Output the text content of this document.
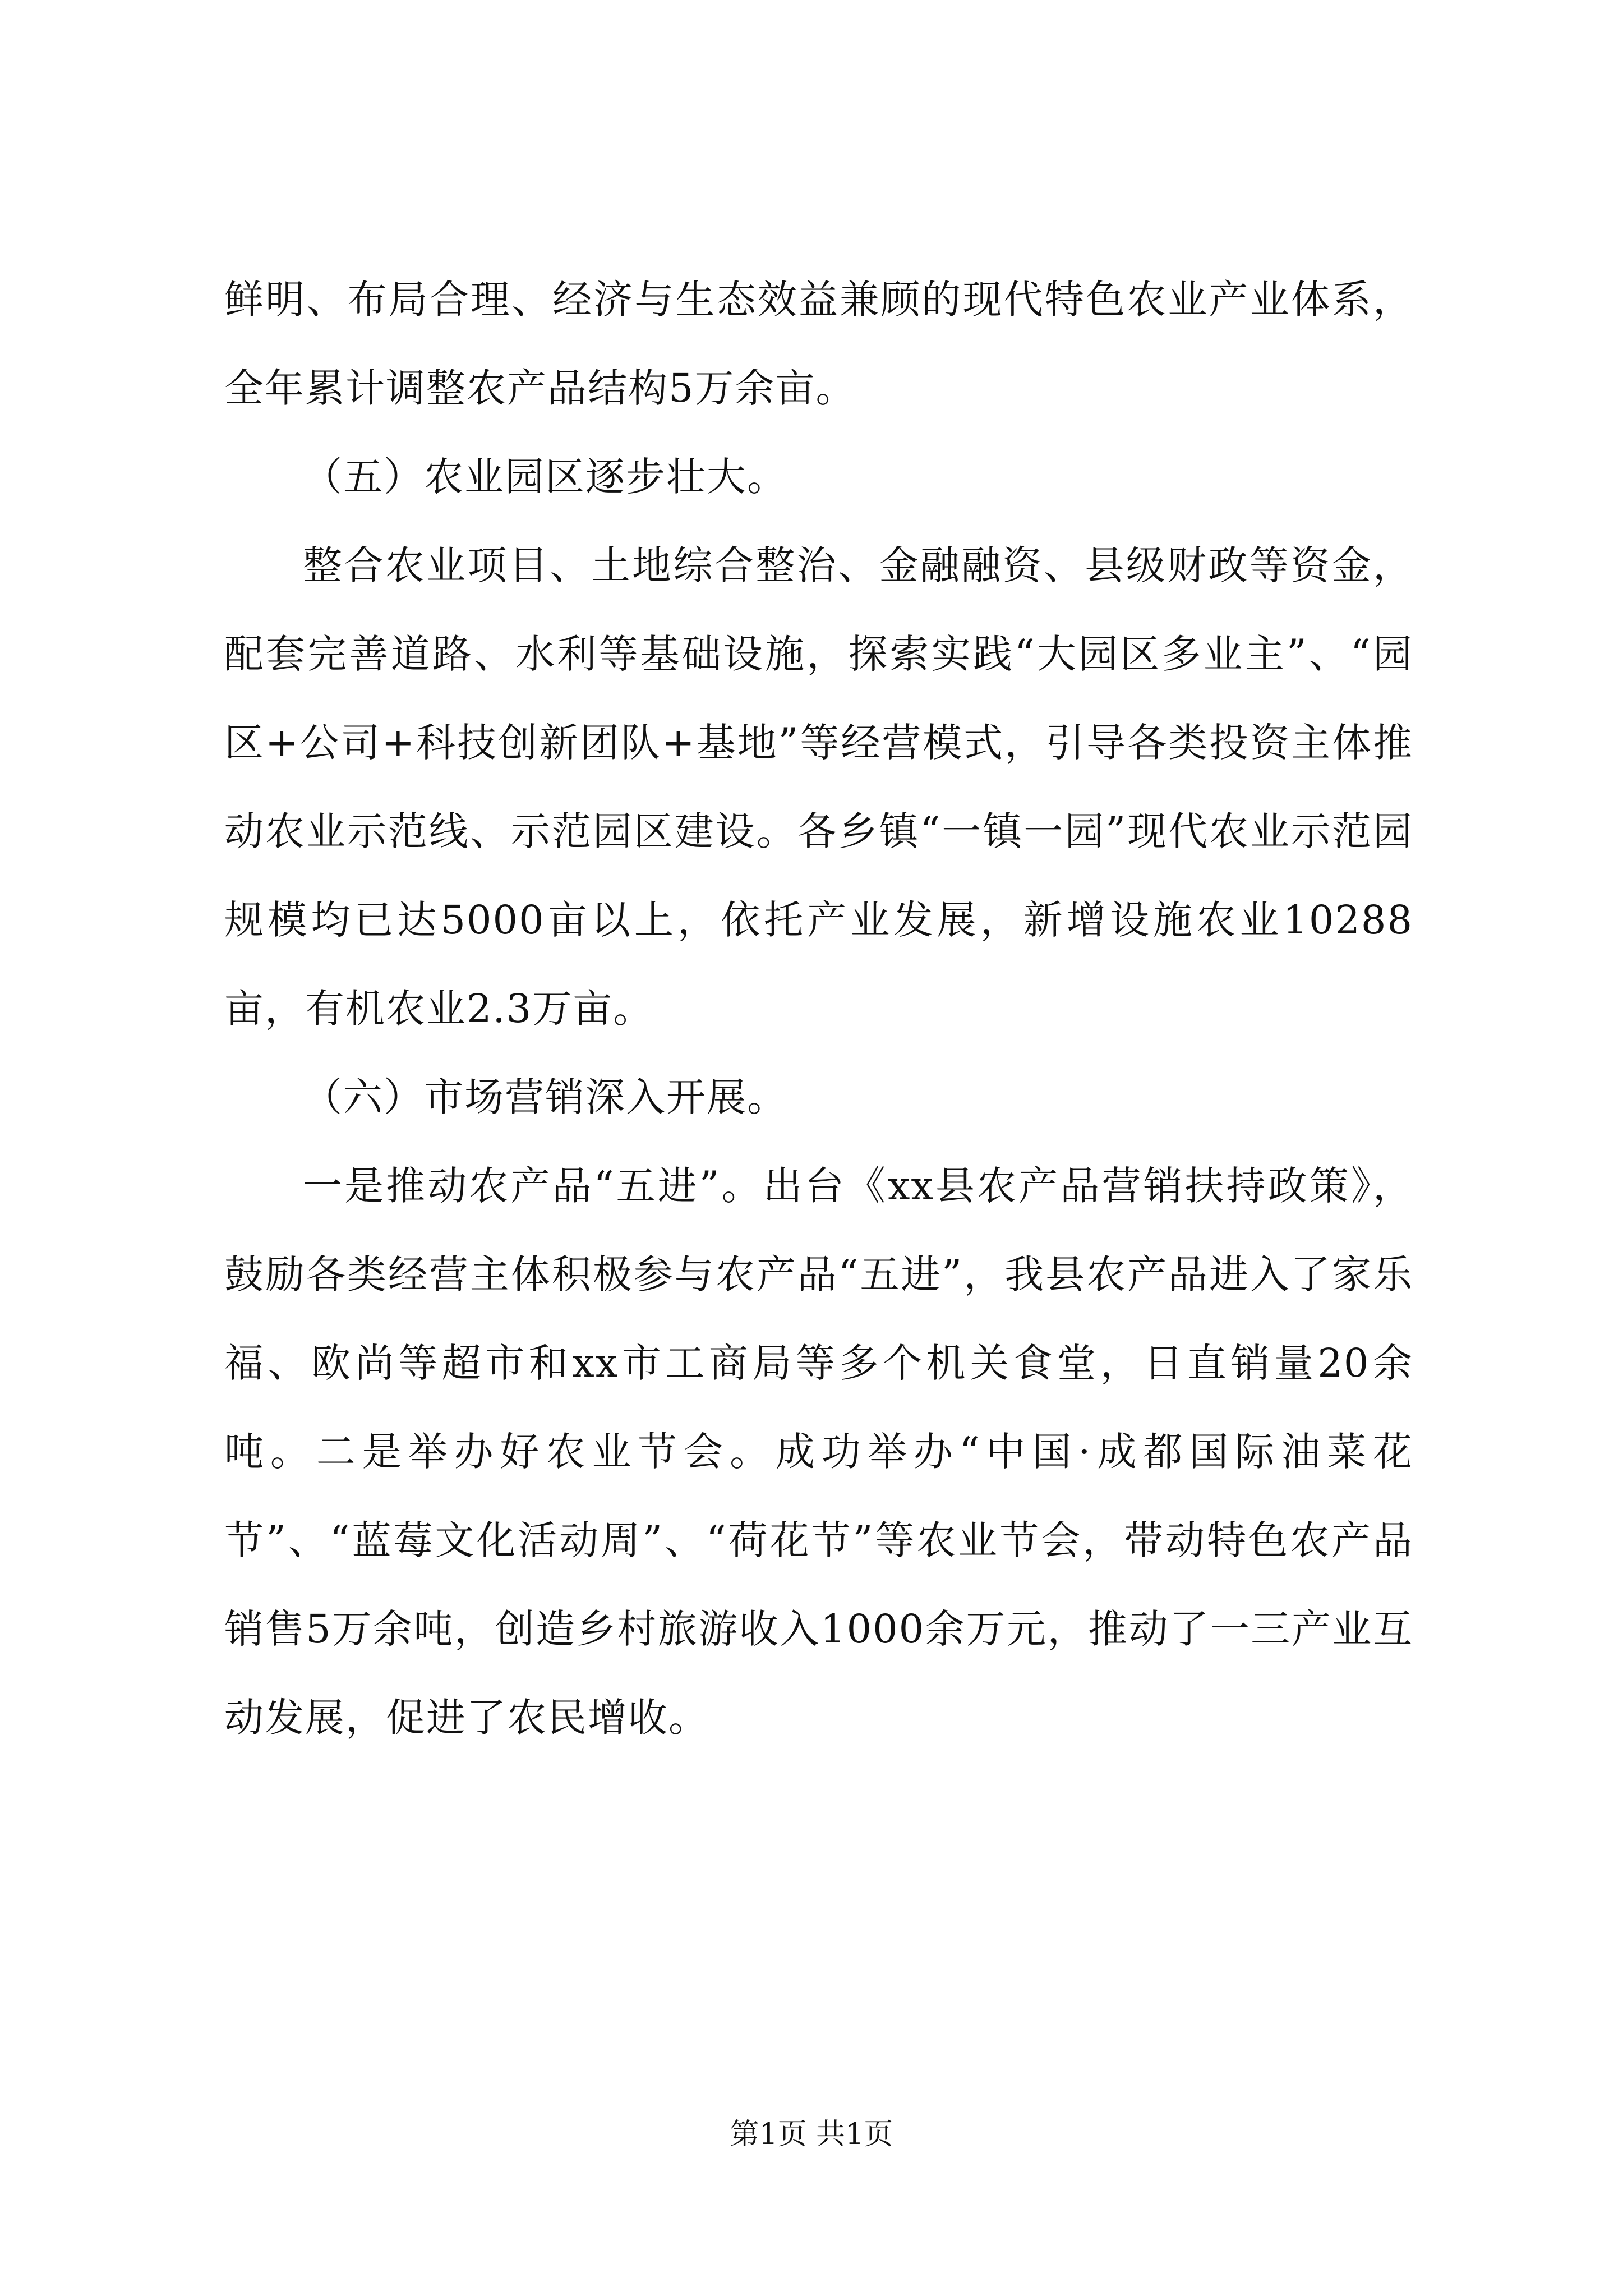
鲜明、布局合理、经济与生态效益兼顾的现代特色农业产业体系，全年累计调整农产品结构5万余亩。

（五）农业园区逐步壮大。

整合农业项目、土地综合整治、金融融资、县级财政等资金，配套完善道路、水利等基础设施，探索实践“大园区多业主”、“园区+公司+科技创新团队+基地”等经营模式，引导各类投资主体推动农业示范线、示范园区建设。各乡镇“一镇一园”现代农业示范园规模均已达5000亩以上，依托产业发展，新增设施农业10288亩，有机农业2.3万亩。

（六）市场营销深入开展。

一是推动农产品“五进”。出台《xx县农产品营销扶持政策》，鼓励各类经营主体积极参与农产品“五进”，我县农产品进入了家乐福、欧尚等超市和xx市工商局等多个机关食堂，日直销量20余吨。二是举办好农业节会。成功举办“中国·成都国际油菜花节”、“蓝莓文化活动周”、“荷花节”等农业节会，带动特色农产品销售5万余吨，创造乡村旅游收入1000余万元，推动了一三产业互动发展，促进了农民增收。

第1页 共1页
